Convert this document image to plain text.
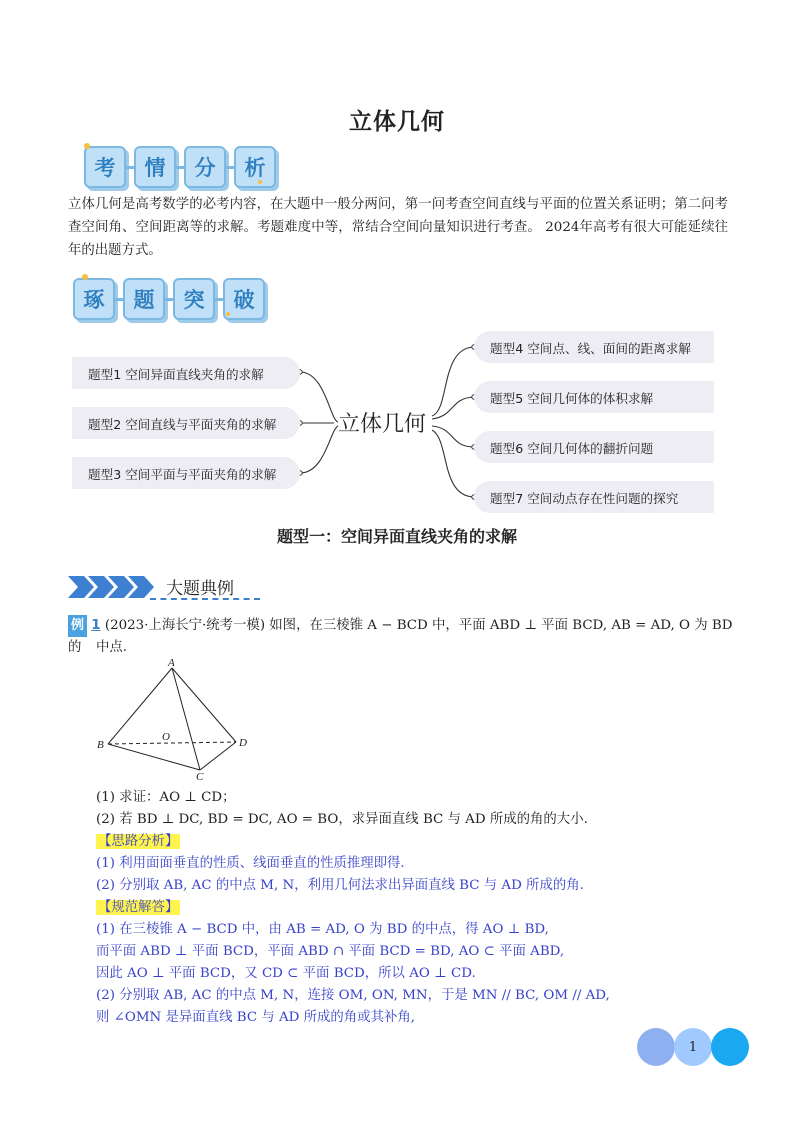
立体几何
考	情	分	析
立体几何是高考数学的必考内容，在大题中一般分两问，第一问考查空间直线与平面的位置关系证明；第二问考查空间角、空间距离等的求解。考题难度中等，常结合空间向量知识进行考查。 2024年高考有很大可能延续往年的出题方式。
琢	题	突	破
题型1 空间异面直线夹角的求解
题型2 空间直线与平面夹角的求解
题型3 空间平面与平面夹角的求解
立体几何
题型4 空间点、线、面间的距离求解
题型5 空间几何体的体积求解
题型6 空间几何体的翻折问题
题型7 空间动点存在性问题的探究
题型一：空间异面直线夹角的求解
大题典例
例 1 (2023·上海长宁·统考一模) 如图，在三棱锥 A − BCD 中，平面 ABD ⊥ 平面 BCD, AB = AD, O 为 BD 的	中点.
A
B
C
D
O
(1) 求证：AO ⊥ CD；
(2) 若 BD ⊥ DC, BD = DC, AO = BO，求异面直线 BC 与 AD 所成的角的大小.
【思路分析】
(1) 利用面面垂直的性质、线面垂直的性质推理即得.
(2) 分别取 AB, AC 的中点 M, N，利用几何法求出异面直线 BC 与 AD 所成的角.
【规范解答】
(1) 在三棱锥 A − BCD 中，由 AB = AD, O 为 BD 的中点，得 AO ⊥ BD,
而平面 ABD ⊥ 平面 BCD，平面 ABD ∩ 平面 BCD = BD, AO ⊂ 平面 ABD,
因此 AO ⊥ 平面 BCD，又 CD ⊂ 平面 BCD，所以 AO ⊥ CD.
(2) 分别取 AB, AC 的中点 M, N，连接 OM, ON, MN，于是 MN // BC, OM // AD,
则 ∠OMN 是异面直线 BC 与 AD 所成的角或其补角,
1
